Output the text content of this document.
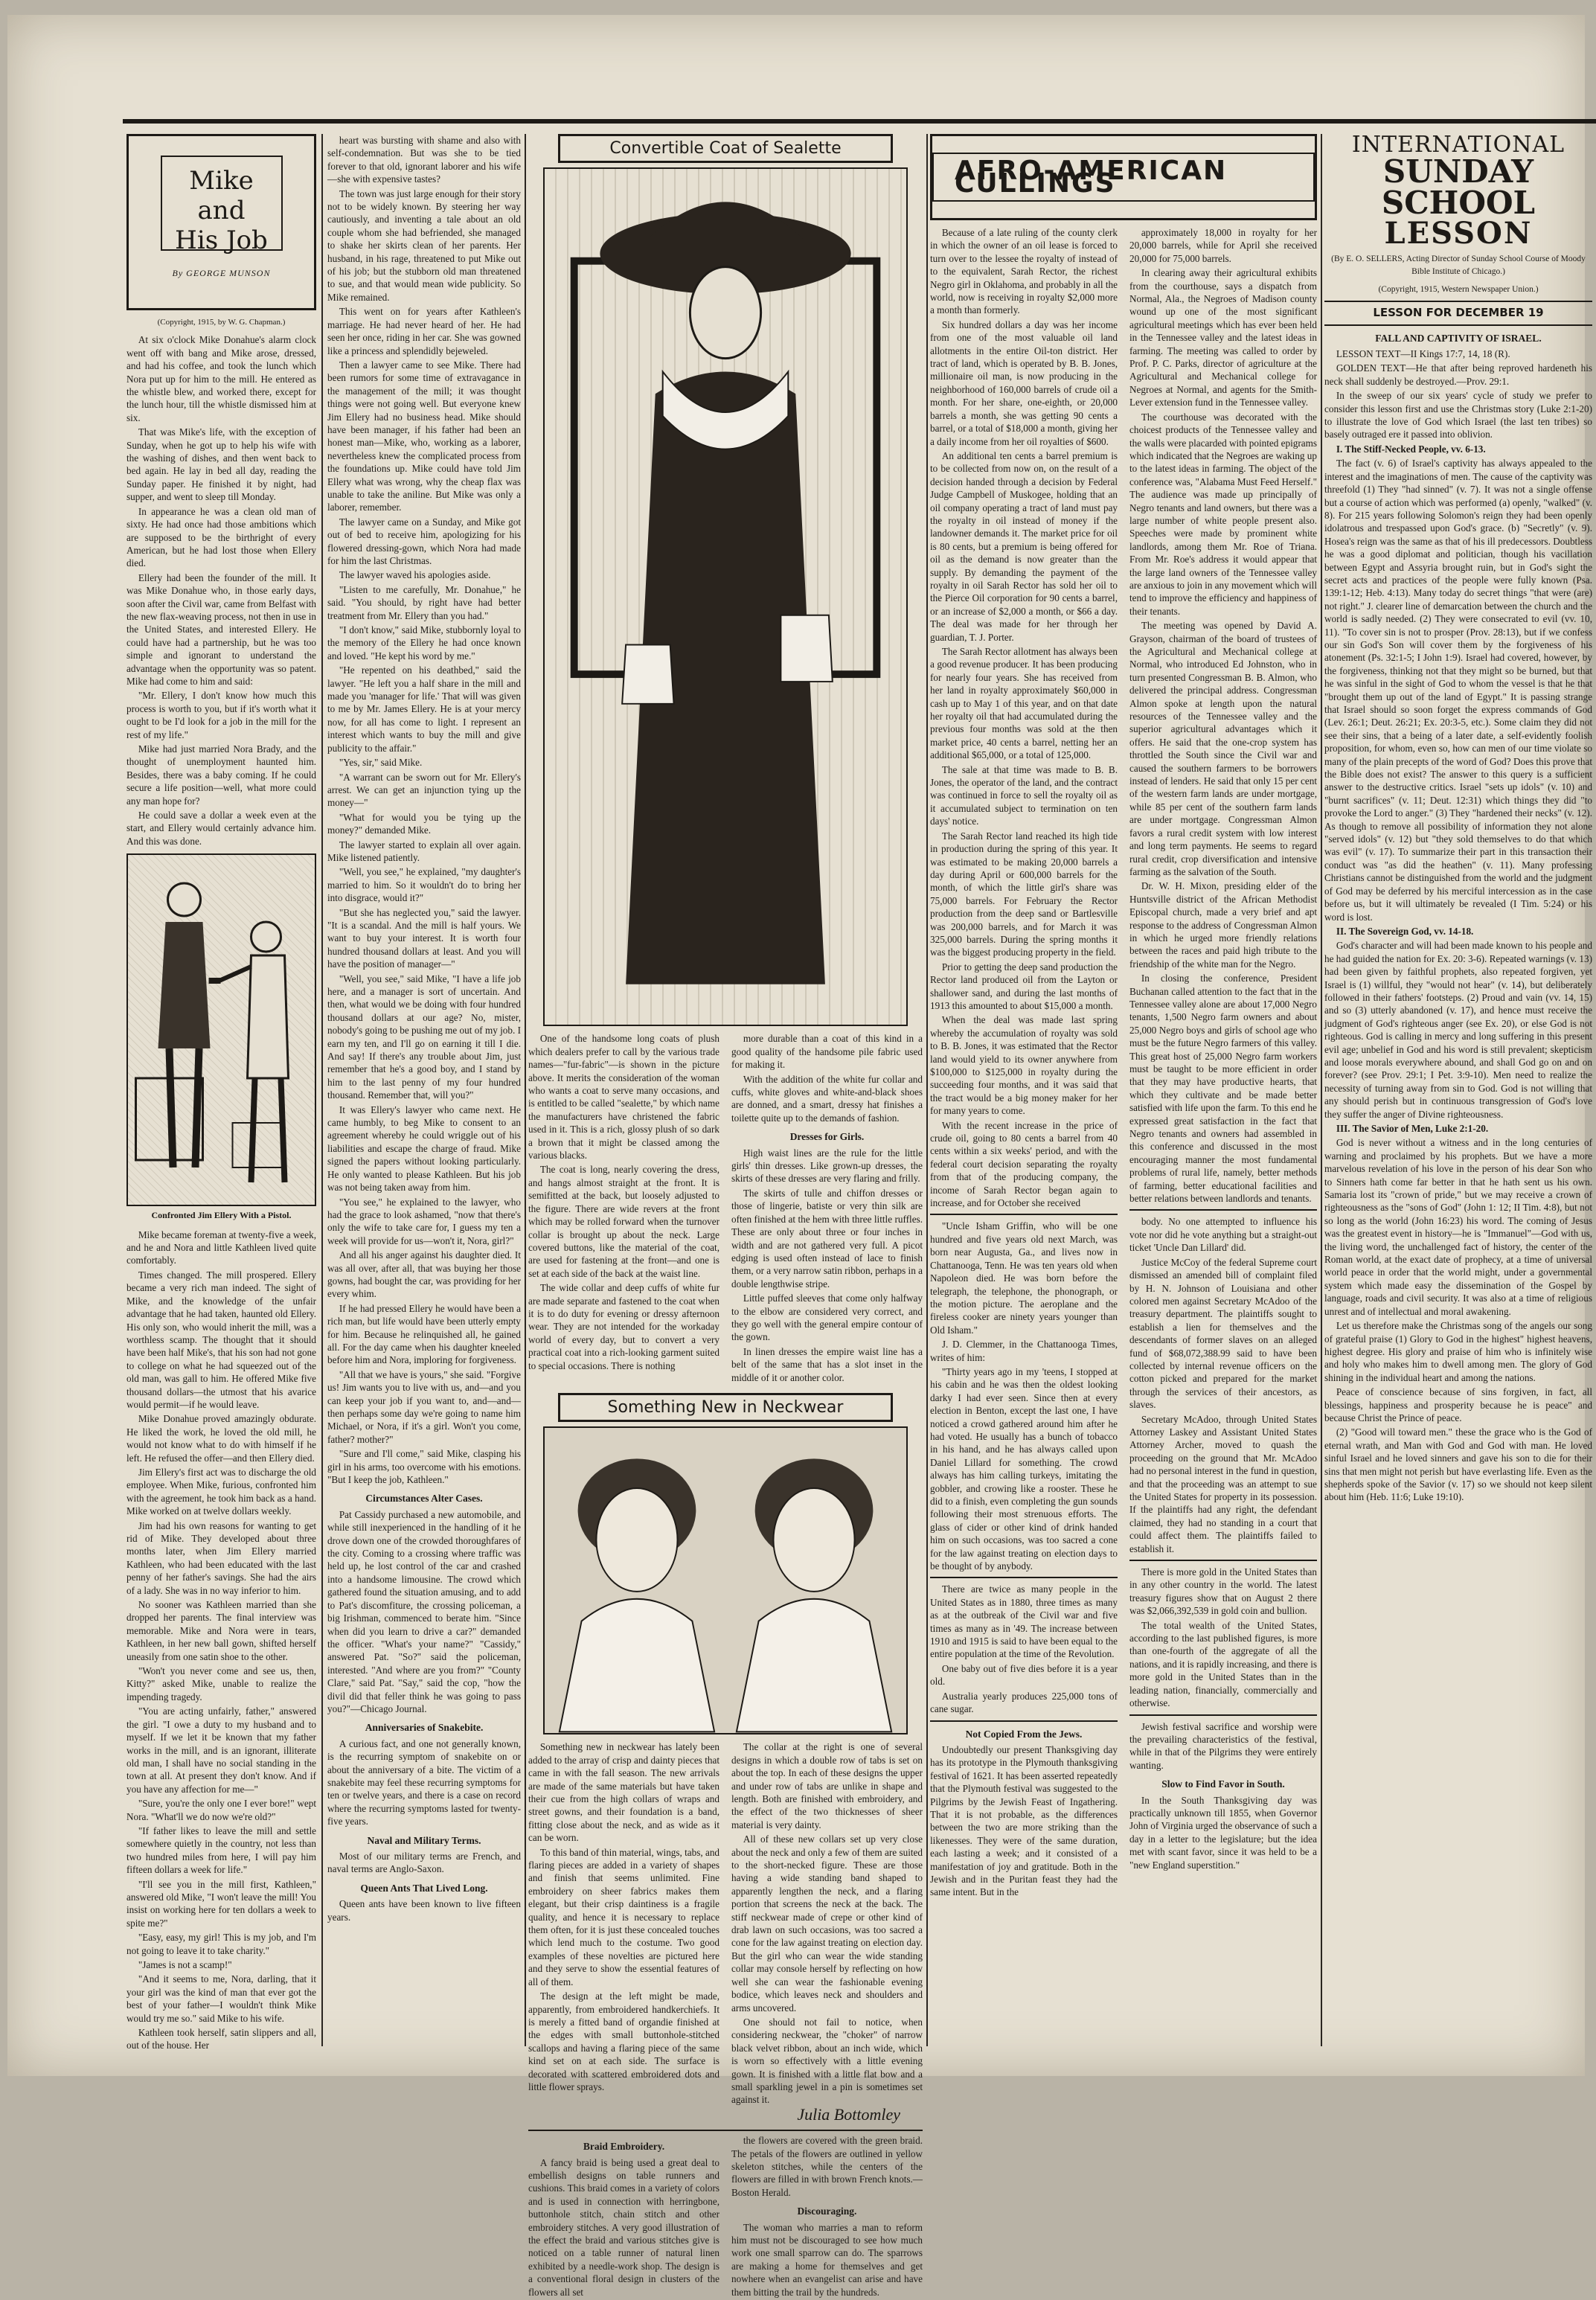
Mike and
His Job
By GEORGE MUNSON
(Copyright, 1915, by W. G. Chapman.)

At six o'clock Mike Donahue's alarm clock went off with bang and Mike arose, dressed, and had his coffee, and took the lunch which Nora put up for him to the mill. He entered as the whistle blew, and worked there, except for the lunch hour, till the whistle dismissed him at six.

That was Mike's life, with the exception of Sunday, when he got up to help his wife with the washing of dishes, and then went back to bed again. He lay in bed all day, reading the Sunday paper. He finished it by night, had supper, and went to sleep till Monday.

In appearance he was a clean old man of sixty. He had once had those ambitions which are supposed to be the birthright of every American, but he had lost those when Ellery died.

Ellery had been the founder of the mill. It was Mike Donahue who, in those early days, soon after the Civil war, came from Belfast with the new flax-weaving process, not then in use in the United States, and interested Ellery. He could have had a partnership, but he was too simple and ignorant to understand the advantage when the opportunity was so patent. Mike had come to him and said:

"Mr. Ellery, I don't know how much this process is worth to you, but if it's worth what it ought to be I'd look for a job in the mill for the rest of my life."

Mike had just married Nora Brady, and the thought of unemployment haunted him. Besides, there was a baby coming. If he could secure a life position—well, what more could any man hope for?

He could save a dollar a week even at the start, and Ellery would certainly advance him. And this was done.

Confronted Jim Ellery With a Pistol.

Mike became foreman at twenty-five a week, and he and Nora and little Kathleen lived quite comfortably.

Times changed. The mill prospered. Ellery became a very rich man indeed. The sight of Mike, and the knowledge of the unfair advantage that he had taken, haunted old Ellery. His only son, who would inherit the mill, was a worthless scamp. The thought that it should have been half Mike's, that his son had not gone to college on what he had squeezed out of the old man, was gall to him. He offered Mike five thousand dollars—the utmost that his avarice would permit—if he would leave.

Mike Donahue proved amazingly obdurate. He liked the work, he loved the old mill, he would not know what to do with himself if he left. He refused the offer—and then Ellery died.

Jim Ellery's first act was to discharge the old employee. When Mike, furious, confronted him with the agreement, he took him back as a hand. Mike worked on at twelve dollars weekly.

Jim had his own reasons for wanting to get rid of Mike. They developed about three months later, when Jim Ellery married Kathleen, who had been educated with the last penny of her father's savings. She had the airs of a lady. She was in no way inferior to him.

No sooner was Kathleen married than she dropped her parents. The final interview was memorable. Mike and Nora were in tears, Kathleen, in her new ball gown, shifted herself uneasily from one satin shoe to the other.

"Won't you never come and see us, then, Kitty?" asked Mike, unable to realize the impending tragedy.

"You are acting unfairly, father," answered the girl. "I owe a duty to my husband and to myself. If we let it be known that my father works in the mill, and is an ignorant, illiterate old man, I shall have no social standing in the town at all. At present they don't know. And if you have any affection for me—"

"Sure, you're the only one I ever bore!" wept Nora. "What'll we do now we're old?"

"If father likes to leave the mill and settle somewhere quietly in the country, not less than two hundred miles from here, I will pay him fifteen dollars a week for life."

"I'll see you in the mill first, Kathleen," answered old Mike, "I won't leave the mill! You insist on working here for ten dollars a week to spite me?"

"Easy, easy, my girl! This is my job, and I'm not going to leave it to take charity."

"James is not a scamp!"

"And it seems to me, Nora, darling, that it your girl was the kind of man that ever got the best of your father—I wouldn't think Mike would try me so." said Mike to his wife.

Kathleen took herself, satin slippers and all, out of the house. Her

heart was bursting with shame and also with self-condemnation. But was she to be tied forever to that old, ignorant laborer and his wife—she with expensive tastes?

The town was just large enough for their story not to be widely known. By steering her way cautiously, and inventing a tale about an old couple whom she had befriended, she managed to shake her skirts clean of her parents. Her husband, in his rage, threatened to put Mike out of his job; but the stubborn old man threatened to sue, and that would mean wide publicity. So Mike remained.

This went on for years after Kathleen's marriage. He had never heard of her. He had seen her once, riding in her car. She was gowned like a princess and splendidly bejeweled.

Then a lawyer came to see Mike. There had been rumors for some time of extravagance in the management of the mill; it was thought things were not going well. But everyone knew Jim Ellery had no business head. Mike should have been manager, if his father had been an honest man—Mike, who, working as a laborer, nevertheless knew the complicated process from the foundations up. Mike could have told Jim Ellery what was wrong, why the cheap flax was unable to take the aniline. But Mike was only a laborer, remember.

The lawyer came on a Sunday, and Mike got out of bed to receive him, apologizing for his flowered dressing-gown, which Nora had made for him the last Christmas.

The lawyer waved his apologies aside.

"Listen to me carefully, Mr. Donahue," he said. "You should, by right have had better treatment from Mr. Ellery than you had."

"I don't know," said Mike, stubbornly loyal to the memory of the Ellery he had once known and loved. "He kept his word by me."

"He repented on his deathbed," said the lawyer. "He left you a half share in the mill and made you 'manager for life.' That will was given to me by Mr. James Ellery. He is at your mercy now, for all has come to light. I represent an interest which wants to buy the mill and give publicity to the affair."

"Yes, sir," said Mike.

"A warrant can be sworn out for Mr. Ellery's arrest. We can get an injunction tying up the money—"

"What for would you be tying up the money?" demanded Mike.

The lawyer started to explain all over again. Mike listened patiently.

"Well, you see," he explained, "my daughter's married to him. So it wouldn't do to bring her into disgrace, would it?"

"But she has neglected you," said the lawyer. "It is a scandal. And the mill is half yours. We want to buy your interest. It is worth four hundred thousand dollars at least. And you will have the position of manager—"

"Well, you see," said Mike, "I have a life job here, and a manager is sort of uncertain. And then, what would we be doing with four hundred thousand dollars at our age? No, mister, nobody's going to be pushing me out of my job. I earn my ten, and I'll go on earning it till I die. And say! If there's any trouble about Jim, just remember that he's a good boy, and I stand by him to the last penny of my four hundred thousand. Remember that, will you?"

It was Ellery's lawyer who came next. He came humbly, to beg Mike to consent to an agreement whereby he could wriggle out of his liabilities and escape the charge of fraud. Mike signed the papers without looking particularly. He only wanted to please Kathleen. But his job was not being taken away from him.

"You see," he explained to the lawyer, who had the grace to look ashamed, "now that there's only the wife to take care for, I guess my ten a week will provide for us—won't it, Nora, girl?"

And all his anger against his daughter died. It was all over, after all, that was buying her those gowns, had bought the car, was providing for her every whim.

If he had pressed Ellery he would have been a rich man, but life would have been utterly empty for him. Because he relinquished all, he gained all. For the day came when his daughter kneeled before him and Nora, imploring for forgiveness.

"All that we have is yours," she said. "Forgive us! Jim wants you to live with us, and—and you can keep your job if you want to, and—and—then perhaps some day we're going to name him Michael, or Nora, if it's a girl. Won't you come, father? mother?"

"Sure and I'll come," said Mike, clasping his girl in his arms, too overcome with his emotions. "But I keep the job, Kathleen."

Circumstances Alter Cases.

Pat Cassidy purchased a new automobile, and while still inexperienced in the handling of it he drove down one of the crowded thoroughfares of the city. Coming to a crossing where traffic was held up, he lost control of the car and crashed into a handsome limousine. The crowd which gathered found the situation amusing, and to add to Pat's discomfiture, the crossing policeman, a big Irishman, commenced to berate him. "Since when did you learn to drive a car?" demanded the officer. "What's your name?" "Cassidy," answered Pat. "So?" said the policeman, interested. "And where are you from?" "County Clare," said Pat. "Say," said the cop, "how the divil did that feller think he was going to pass you?"—Chicago Journal.

Anniversaries of Snakebite.

A curious fact, and one not generally known, is the recurring symptom of snakebite on or about the anniversary of a bite. The victim of a snakebite may feel these recurring symptoms for ten or twelve years, and there is a case on record where the recurring symptoms lasted for twenty-five years.

Naval and Military Terms.

Most of our military terms are French, and naval terms are Anglo-Saxon.

Queen Ants That Lived Long.

Queen ants have been known to live fifteen years.

Convertible Coat of Sealette

One of the handsome long coats of plush which dealers prefer to call by the various trade names—"fur-fabric"—is shown in the picture above. It merits the consideration of the woman who wants a coat to serve many occasions, and is entitled to be called "sealette," by which name the manufacturers have christened the fabric used in it. This is a rich, glossy plush of so dark a brown that it might be classed among the various blacks.

The coat is long, nearly covering the dress, and hangs almost straight at the front. It is semifitted at the back, but loosely adjusted to the figure. There are wide revers at the front which may be rolled forward when the turnover collar is brought up about the neck. Large covered buttons, like the material of the coat, are used for fastening at the front—and one is set at each side of the back at the waist line.

The wide collar and deep cuffs of white fur are made separate and fastened to the coat when it is to do duty for evening or dressy afternoon wear. They are not intended for the workaday world of every day, but to convert a very practical coat into a rich-looking garment suited to special occasions. There is nothing

more durable than a coat of this kind in a good quality of the handsome pile fabric used for making it.

With the addition of the white fur collar and cuffs, white gloves and white-and-black shoes are donned, and a smart, dressy hat finishes a toilette quite up to the demands of fashion.

Dresses for Girls.

High waist lines are the rule for the little girls' thin dresses. Like grown-up dresses, the skirts of these dresses are very flaring and frilly.

The skirts of tulle and chiffon dresses or those of lingerie, batiste or very thin silk are often finished at the hem with three little ruffles. These are only about three or four inches in width and are not gathered very full. A picot edging is used often instead of lace to finish them, or a very narrow satin ribbon, perhaps in a double lengthwise stripe.

Little puffed sleeves that come only halfway to the elbow are considered very correct, and they go well with the general empire contour of the gown.

In linen dresses the empire waist line has a belt of the same that has a slot inset in the middle of it or another color.

Something New in Neckwear

Something new in neckwear has lately been added to the array of crisp and dainty pieces that came in with the fall season. The new arrivals are made of the same materials but have taken their cue from the high collars of wraps and street gowns, and their foundation is a band, fitting close about the neck, and as wide as it can be worn.

To this band of thin material, wings, tabs, and flaring pieces are added in a variety of shapes and finish that seems unlimited. Fine embroidery on sheer fabrics makes them elegant, but their crisp daintiness is a fragile quality, and hence it is necessary to replace them often, for it is just these concealed touches which lend much to the costume. Two good examples of these novelties are pictured here and they serve to show the essential features of all of them.

The design at the left might be made, apparently, from embroidered handkerchiefs. It is merely a fitted band of organdie finished at the edges with small buttonhole-stitched scallops and having a flaring piece of the same kind set on at each side. The surface is decorated with scattered embroidered dots and little flower sprays.

The collar at the right is one of several designs in which a double row of tabs is set on about the top. In each of these designs the upper and under row of tabs are unlike in shape and length. Both are finished with embroidery, and the effect of the two thicknesses of sheer material is very dainty.

All of these new collars set up very close about the neck and only a few of them are suited to the short-necked figure. These are those having a wide standing band shaped to apparently lengthen the neck, and a flaring portion that screens the neck at the back. The stiff neckwear made of crepe or other kind of drab lawn on such occasions, was too sacred a cone for the law against treating on election day. But the girl who can wear the wide standing collar may console herself by reflecting on how well she can wear the fashionable evening bodice, which leaves neck and shoulders and arms uncovered.

One should not fail to notice, when considering neckwear, the "choker" of narrow black velvet ribbon, about an inch wide, which is worn so effectively with a little evening gown. It is finished with a little flat bow and a small sparkling jewel in a pin is sometimes set against it.

Julia Bottomley

Braid Embroidery.

A fancy braid is being used a great deal to embellish designs on table runners and cushions. This braid comes in a variety of colors and is used in connection with herringbone, buttonhole stitch, chain stitch and other embroidery stitches. A very good illustration of the effect the braid and various stitches give is noticed on a table runner of natural linen exhibited by a needle-work shop. The design is a conventional floral design in clusters of the flowers all set

the flowers are covered with the green braid. The petals of the flowers are outlined in yellow skeleton stitches, while the centers of the flowers are filled in with brown French knots.—Boston Herald.

Discouraging.

The woman who marries a man to reform him must not be discouraged to see how much work one small sparrow can do. The sparrows are making a home for themselves and get nowhere when an evangelist can arise and have them bitting the trail by the hundreds.

AFRO-AMERICAN CULLINGS

Because of a late ruling of the county clerk in which the owner of an oil lease is forced to turn over to the lessee the royalty of instead of to the equivalent, Sarah Rector, the richest Negro girl in Oklahoma, and probably in all the world, now is receiving in royalty $2,000 more a month than formerly.

Six hundred dollars a day was her income from one of the most valuable oil land allotments in the entire Oil-ton district. Her tract of land, which is operated by B. B. Jones, millionaire oil man, is now producing in the neighborhood of 160,000 barrels of crude oil a month. For her share, one-eighth, or 20,000 barrels a month, she was getting 90 cents a barrel, or a total of $18,000 a month, giving her a daily income from her oil royalties of $600.

An additional ten cents a barrel premium is to be collected from now on, on the result of a decision handed through a decision by Federal Judge Campbell of Muskogee, holding that an oil company operating a tract of land must pay the royalty in oil instead of money if the landowner demands it. The market price for oil is 80 cents, but a premium is being offered for oil as the demand is now greater than the supply. By demanding the payment of the royalty in oil Sarah Rector has sold her oil to the Pierce Oil corporation for 90 cents a barrel, or an increase of $2,000 a month, or $66 a day. The deal was made for her through her guardian, T. J. Porter.

The Sarah Rector allotment has always been a good revenue producer. It has been producing for nearly four years. She has received from her land in royalty approximately $60,000 in cash up to May 1 of this year, and on that date her royalty oil that had accumulated during the previous four months was sold at the then market price, 40 cents a barrel, netting her an additional $65,000, or a total of 125,000.

The sale at that time was made to B. B. Jones, the operator of the land, and the contract was continued in force to sell the royalty oil as it accumulated subject to termination on ten days' notice.

The Sarah Rector land reached its high tide in production during the spring of this year. It was estimated to be making 20,000 barrels a day during April or 600,000 barrels for the month, of which the little girl's share was 75,000 barrels. For February the Rector production from the deep sand or Bartlesville was 200,000 barrels, and for March it was 325,000 barrels. During the spring months it was the biggest producing property in the field.

Prior to getting the deep sand production the Rector land produced oil from the Layton or shallower sand, and during the last months of 1913 this amounted to about $15,000 a month.

When the deal was made last spring whereby the accumulation of royalty was sold to B. B. Jones, it was estimated that the Rector land would yield to its owner anywhere from $100,000 to $125,000 in royalty during the succeeding four months, and it was said that the tract would be a big money maker for her for many years to come.

With the recent increase in the price of crude oil, going to 80 cents a barrel from 40 cents within a six weeks' period, and with the federal court decision separating the royalty from that of the producing company, the income of Sarah Rector began again to increase, and for October she received

"Uncle Isham Griffin, who will be one hundred and five years old next March, was born near Augusta, Ga., and lives now in Chattanooga, Tenn. He was ten years old when Napoleon died. He was born before the telegraph, the telephone, the phonograph, or the motion picture. The aeroplane and the fireless cooker are ninety years younger than Old Isham."

J. D. Clemmer, in the Chattanooga Times, writes of him:

"Thirty years ago in my 'teens, I stopped at his cabin and he was then the oldest looking darky I had ever seen. Since then at every election in Benton, except the last one, I have noticed a crowd gathered around him after he had voted. He usually has a bunch of tobacco in his hand, and he has always called upon Daniel Lillard for something. The crowd always has him calling turkeys, imitating the gobbler, and crowing like a rooster. These he did to a finish, even completing the gun sounds following their most strenuous efforts. The glass of cider or other kind of drink handed him on such occasions, was too sacred a cone for the law against treating on election days to be thought of by anybody.

There are twice as many people in the United States as in 1880, three times as many as at the outbreak of the Civil war and five times as many as in '49. The increase between 1910 and 1915 is said to have been equal to the entire population at the time of the Revolution.

One baby out of five dies before it is a year old.

Australia yearly produces 225,000 tons of cane sugar.

Not Copied From the Jews.

Undoubtedly our present Thanksgiving day has its prototype in the Plymouth thanksgiving festival of 1621. It has been asserted repeatedly that the Plymouth festival was suggested to the Pilgrims by the Jewish Feast of Ingathering. That it is not probable, as the differences between the two are more striking than the likenesses. They were of the same duration, each lasting a week; and it consisted of a manifestation of joy and gratitude. Both in the Jewish and in the Puritan feast they had the same intent. But in the

approximately 18,000 in royalty for her 20,000 barrels, while for April she received 20,000 for 75,000 barrels.

In clearing away their agricultural exhibits from the courthouse, says a dispatch from Normal, Ala., the Negroes of Madison county wound up one of the most significant agricultural meetings which has ever been held in the Tennessee valley and the latest ideas in farming. The meeting was called to order by Prof. P. C. Parks, director of agriculture at the Agricultural and Mechanical college for Negroes at Normal, and agents for the Smith-Lever extension fund in the Tennessee valley.

The courthouse was decorated with the choicest products of the Tennessee valley and the walls were placarded with pointed epigrams which indicated that the Negroes are waking up to the latest ideas in farming. The object of the conference was, "Alabama Must Feed Herself." The audience was made up principally of Negro tenants and land owners, but there was a large number of white people present also. Speeches were made by prominent white landlords, among them Mr. Roe of Triana. From Mr. Roe's address it would appear that the large land owners of the Tennessee valley are anxious to join in any movement which will tend to improve the efficiency and happiness of their tenants.

The meeting was opened by David A. Grayson, chairman of the board of trustees of the Agricultural and Mechanical college at Normal, who introduced Ed Johnston, who in turn presented Congressman B. B. Almon, who delivered the principal address. Congressman Almon spoke at length upon the natural resources of the Tennessee valley and the superior agricultural advantages which it offers. He said that the one-crop system has throttled the South since the Civil war and caused the southern farmers to be borrowers instead of lenders. He said that only 15 per cent of the western farm lands are under mortgage, while 85 per cent of the southern farm lands are under mortgage. Congressman Almon favors a rural credit system with low interest and long term payments. He seems to regard rural credit, crop diversification and intensive farming as the salvation of the South.

Dr. W. H. Mixon, presiding elder of the Huntsville district of the African Methodist Episcopal church, made a very brief and apt response to the address of Congressman Almon in which he urged more friendly relations between the races and paid high tribute to the friendship of the white man for the Negro.

In closing the conference, President Buchanan called attention to the fact that in the Tennessee valley alone are about 17,000 Negro tenants, 1,500 Negro farm owners and about 25,000 Negro boys and girls of school age who must be the future Negro farmers of this valley. This great host of 25,000 Negro farm workers must be taught to be more efficient in order that they may have productive hearts, that which they cultivate and be made better satisfied with life upon the farm. To this end he expressed great satisfaction in the fact that Negro tenants and owners had assembled in this conference and discussed in the most encouraging manner the most fundamental problems of rural life, namely, better methods of farming, better educational facilities and better relations between landlords and tenants.

body. No one attempted to influence his vote nor did he vote anything but a straight-out ticket 'Uncle Dan Lillard' did.

Justice McCoy of the federal Supreme court dismissed an amended bill of complaint filed by H. N. Johnson of Louisiana and other colored men against Secretary McAdoo of the treasury department. The plaintiffs sought to establish a lien for themselves and the descendants of former slaves on an alleged fund of $68,072,388.99 said to have been collected by internal revenue officers on the cotton picked and prepared for the market through the services of their ancestors, as slaves.

Secretary McAdoo, through United States Attorney Laskey and Assistant United States Attorney Archer, moved to quash the proceeding on the ground that Mr. McAdoo had no personal interest in the fund in question, and that the proceeding was an attempt to sue the United States for property in its possession. If the plaintiffs had any right, the defendant claimed, they had no standing in a court that could affect them. The plaintiffs failed to establish it.

There is more gold in the United States than in any other country in the world. The latest treasury figures show that on August 2 there was $2,066,392,539 in gold coin and bullion.

The total wealth of the United States, according to the last published figures, is more than one-fourth of the aggregate of all the nations, and it is rapidly increasing, and there is more gold in the United States than in the leading nation, financially, commercially and otherwise.

Jewish festival sacrifice and worship were the prevailing characteristics of the festival, while in that of the Pilgrims they were entirely wanting.

Slow to Find Favor in South.

In the South Thanksgiving day was practically unknown till 1855, when Governor John of Virginia urged the observance of such a day in a letter to the legislature; but the idea met with scant favor, since it was held to be a "new England superstition."

INTERNATIONAL
SUNDAY SCHOOL
LESSON
(By E. O. SELLERS, Acting Director of Sunday School Course of Moody Bible Institute of Chicago.)
(Copyright, 1915, Western Newspaper Union.)
LESSON FOR DECEMBER 19
FALL AND CAPTIVITY OF ISRAEL.

LESSON TEXT—II Kings 17:7, 14, 18 (R).

GOLDEN TEXT—He that after being reproved hardeneth his neck shall suddenly be destroyed.—Prov. 29:1.

In the sweep of our six years' cycle of study we prefer to consider this lesson first and use the Christmas story (Luke 2:1-20) to illustrate the love of God which Israel (the last ten tribes) so basely outraged ere it passed into oblivion.

I. The Stiff-Necked People, vv. 6-13.

The fact (v. 6) of Israel's captivity has always appealed to the interest and the imaginations of men. The cause of the captivity was threefold (1) They "had sinned" (v. 7). It was not a single offense but a course of action which was performed (a) openly, "walked" (v. 8). For 215 years following Solomon's reign they had been openly idolatrous and trespassed upon God's grace. (b) "Secretly" (v. 9). Hosea's reign was the same as that of his ill predecessors. Doubtless he was a good diplomat and politician, though his vacillation between Egypt and Assyria brought ruin, but in God's sight the secret acts and practices of the people were fully known (Psa. 139:1-12; Heb. 4:13). Many today do secret things "that were (are) not right." J. clearer line of demarcation between the church and the world is sadly needed. (2) They were consecrated to evil (vv. 10, 11). "To cover sin is not to prosper (Prov. 28:13), but if we confess our sin God's Son will cover them by the forgiveness of his atonement (Ps. 32:1-5; I John 1:9). Israel had covered, however, by the forgiveness, thinking not that they might so be burned, but that he was sinful in the sight of God to whom the vessel is that he that "brought them up out of the land of Egypt." It is passing strange that Israel should so soon forget the express commands of God (Lev. 26:1; Deut. 26:21; Ex. 20:3-5, etc.). Some claim they did not see their sins, that a being of a later date, a self-evidently foolish proposition, for whom, even so, how can men of our time violate so many of the plain precepts of the word of God? Does this prove that the Bible does not exist? The answer to this query is a sufficient answer to the destructive critics. Israel "sets up idols" (v. 10) and "burnt sacrifices" (v. 11; Deut. 12:31) which things they did "to provoke the Lord to anger." (3) They "hardened their necks" (v. 12). As though to remove all possibility of information they not alone "served idols" (v. 12) but "they sold themselves to do that which was evil" (v. 17). To summarize their part in this transaction their conduct was "as did the heathen" (v. 11). Many professing Christians cannot be distinguished from the world and the judgment of God may be deferred by his merciful intercession as in the case before us, but it will ultimately be revealed (I Tim. 5:24) or his word is lost.

II. The Sovereign God, vv. 14-18.

God's character and will had been made known to his people and he had guided the nation for Ex. 20: 3-6). Repeated warnings (v. 13) had been given by faithful prophets, also repeated forgiven, yet Israel is (1) willful, they "would not hear" (v. 14), but deliberately followed in their fathers' footsteps. (2) Proud and vain (vv. 14, 15) and so (3) utterly abandoned (v. 17), and hence must receive the judgment of God's righteous anger (see Ex. 20), or else God is not righteous. God is calling in mercy and long suffering in this present evil age; unbelief in God and his word is still prevalent; skepticism and loose morals everywhere abound, and shall God go on and on forever? (see Prov. 29:1; I Pet. 3:9-10). Men need to realize the necessity of turning away from sin to God. God is not willing that any should perish but in continuous transgression of God's love they suffer the anger of Divine righteousness.

III. The Savior of Men, Luke 2:1-20.

God is never without a witness and in the long centuries of warning and proclaimed by his prophets. But we have a more marvelous revelation of his love in the person of his dear Son who to Sinners hath come far better in that he hath sent us his own. Samaria lost its "crown of pride," but we may receive a crown of righteousness as the "sons of God" (John 1: 12; II Tim. 4:8), but not so long as the world (John 16:23) his word. The coming of Jesus was the greatest event in history—he is "Immanuel"—God with us, the living word, the unchallenged fact of history, the center of the Roman world, at the exact date of prophecy, at a time of universal world peace in order that the world might, under a governmental system which made easy the dissemination of the Gospel by language, roads and civil security. It was also at a time of religious unrest and of intellectual and moral awakening.

Let us therefore make the Christmas song of the angels our song of grateful praise (1) Glory to God in the highest" highest heavens, highest degree. His glory and praise of him who is infinitely wise and holy who makes him to dwell among men. The glory of God shining in the individual heart and among the nations.

Peace of conscience because of sins forgiven, in fact, all blessings, happiness and prosperity because he is peace" and because Christ the Prince of peace.

(2) "Good will toward men." these the grace who is the God of eternal wrath, and Man with God and God with man. He loved sinful Israel and he loved sinners and gave his son to die for their sins that men might not perish but have everlasting life. Even as the shepherds spoke of the Savior (v. 17) so we should not keep silent about him (Heb. 11:6; Luke 19:10).
